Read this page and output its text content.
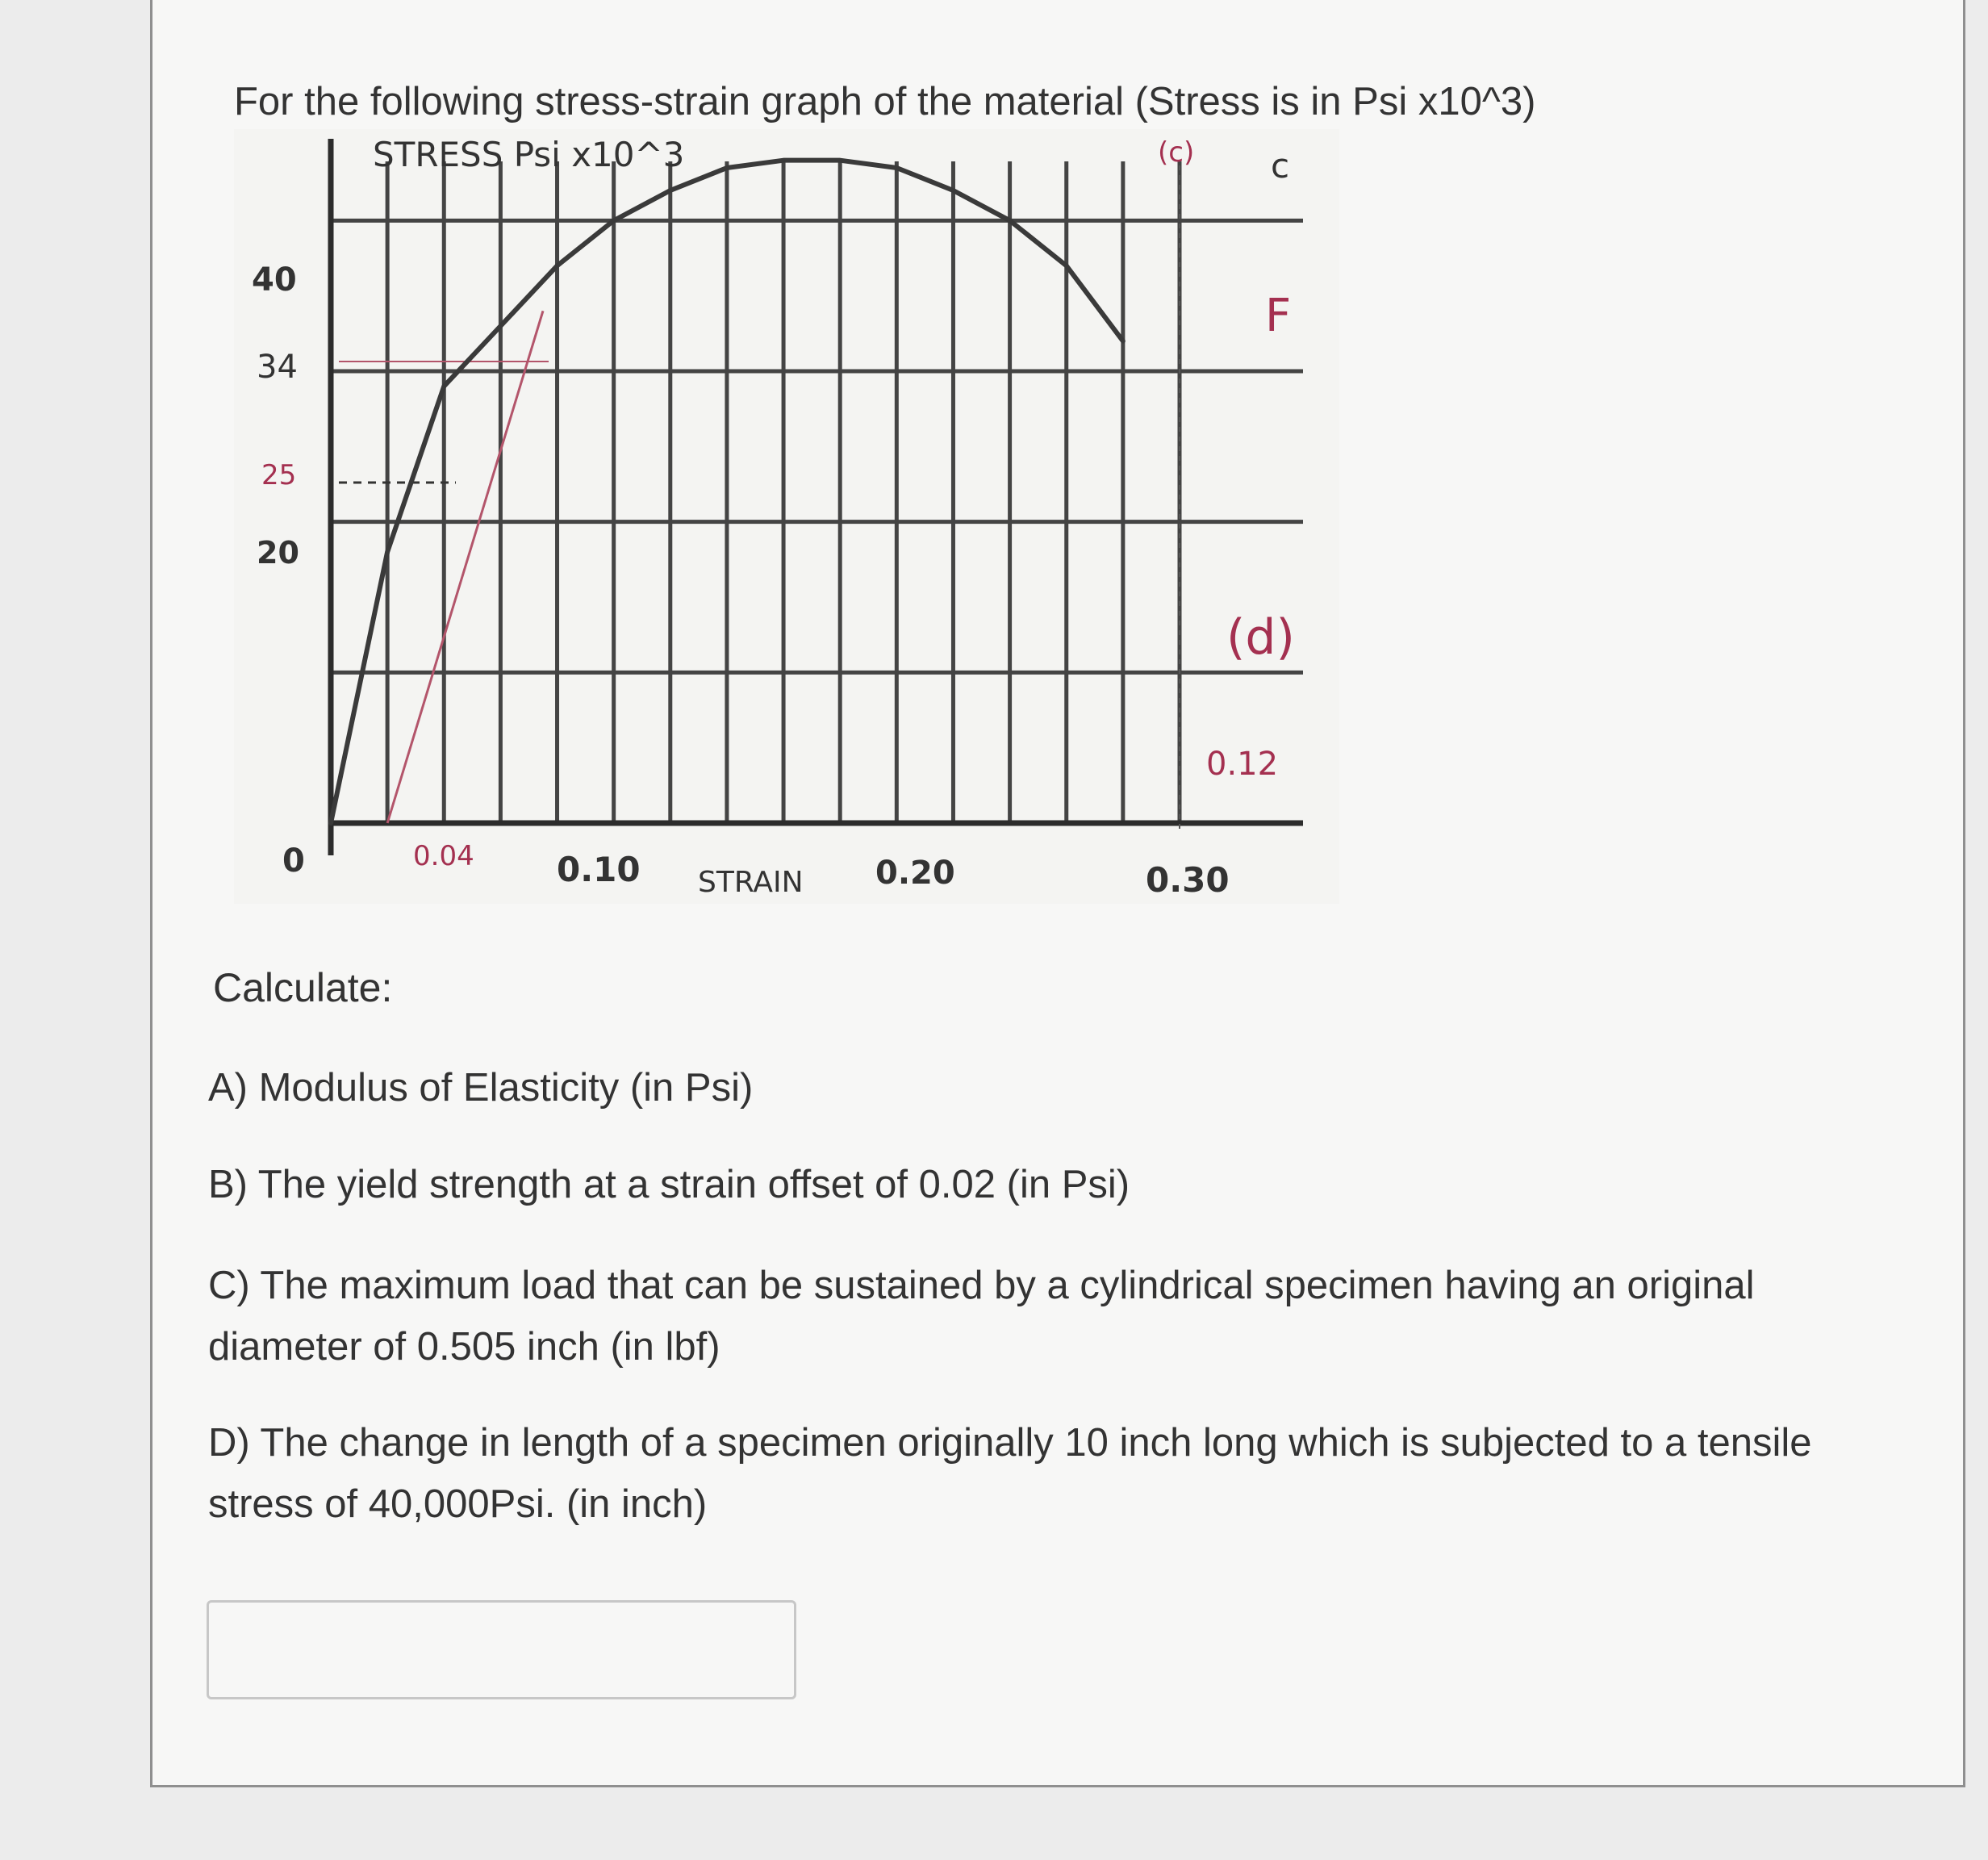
For the following stress-strain graph of the material (Stress is in Psi x10^3)
STRESS Psi x10^3
40
34
25
20
0	0.04 0.10 STRAIN 0.20	0.30
(c) c
F
(d)
0.12
Calculate:

A) Modulus of Elasticity (in Psi)

B) The yield strength at a strain offset of 0.02 (in Psi)

C) The maximum load that can be sustained by a cylindrical specimen having an original diameter of 0.505 inch (in lbf)

D) The change in length of a specimen originally 10 inch long which is subjected to a tensile stress of 40,000Psi. (in inch)
